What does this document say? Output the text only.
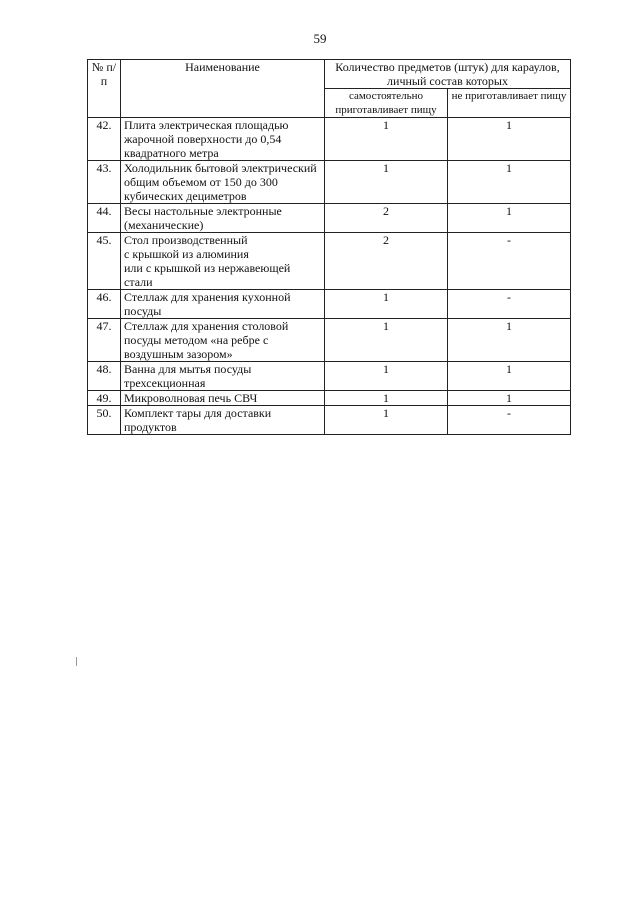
59
№ п/п	Наименование	Количество предметов (штук) для караулов, личный состав которых	
		самостоятельно приготавливает пищу	не приготавливает пищу
42.	Плита электрическая площадью жарочной поверхности до 0,54 квадратного метра	1	1
43.	Холодильник бытовой электрический общим объемом от 150 до 300 кубических дециметров	1	1
44.	Весы настольные электронные (механические)	2	1
45.	Стол производственный
с крышкой из алюминия
или с крышкой из нержавеющей стали	2	-
46.	Стеллаж для хранения кухонной посуды	1	-
47.	Стеллаж для хранения столовой посуды методом «на ребре с воздушным зазором»	1	1
48.	Ванна для мытья посуды трехсекционная	1	1
49.	Микроволновая печь СВЧ	1	1
50.	Комплект тары для доставки продуктов	1	-
